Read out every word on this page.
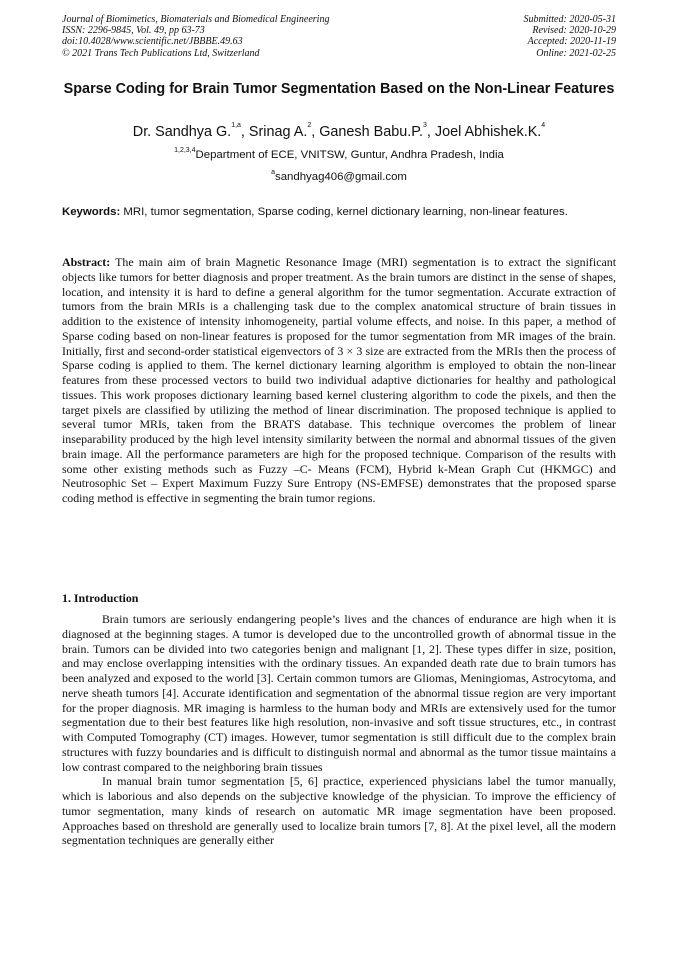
Journal of Biomimetics, Biomaterials and Biomedical Engineering
ISSN: 2296-9845, Vol. 49, pp 63-73
doi:10.4028/www.scientific.net/JBBBE.49.63
© 2021 Trans Tech Publications Ltd, Switzerland
Submitted: 2020-05-31
Revised: 2020-10-29
Accepted: 2020-11-19
Online: 2021-02-25
Sparse Coding for Brain Tumor Segmentation Based on the Non-Linear Features
Dr. Sandhya G.$^{1,a}$, Srinag A.$^2$, Ganesh Babu.P.$^3$, Joel Abhishek.K.$^4$
$^{1,2,3,4}$Department of ECE, VNITSW, Guntur, Andhra Pradesh, India
$^a$sandhyag406@gmail.com
Keywords: MRI, tumor segmentation, Sparse coding, kernel dictionary learning, non-linear features.
Abstract: The main aim of brain Magnetic Resonance Image (MRI) segmentation is to extract the significant objects like tumors for better diagnosis and proper treatment. As the brain tumors are distinct in the sense of shapes, location, and intensity it is hard to define a general algorithm for the tumor segmentation. Accurate extraction of tumors from the brain MRIs is a challenging task due to the complex anatomical structure of brain tissues in addition to the existence of intensity inhomogeneity, partial volume effects, and noise. In this paper, a method of Sparse coding based on non-linear features is proposed for the tumor segmentation from MR images of the brain. Initially, first and second-order statistical eigenvectors of 3 × 3 size are extracted from the MRIs then the process of Sparse coding is applied to them. The kernel dictionary learning algorithm is employed to obtain the non-linear features from these processed vectors to build two individual adaptive dictionaries for healthy and pathological tissues. This work proposes dictionary learning based kernel clustering algorithm to code the pixels, and then the target pixels are classified by utilizing the method of linear discrimination. The proposed technique is applied to several tumor MRIs, taken from the BRATS database. This technique overcomes the problem of linear inseparability produced by the high level intensity similarity between the normal and abnormal tissues of the given brain image. All the performance parameters are high for the proposed technique. Comparison of the results with some other existing methods such as Fuzzy –C- Means (FCM), Hybrid k-Mean Graph Cut (HKMGC) and Neutrosophic Set – Expert Maximum Fuzzy Sure Entropy (NS-EMFSE) demonstrates that the proposed sparse coding method is effective in segmenting the brain tumor regions.
1. Introduction

Brain tumors are seriously endangering people’s lives and the chances of endurance are high when it is diagnosed at the beginning stages. A tumor is developed due to the uncontrolled growth of abnormal tissue in the brain. Tumors can be divided into two categories benign and malignant [1, 2]. These types differ in size, position, and may enclose overlapping intensities with the ordinary tissues. An expanded death rate due to brain tumors has been analyzed and exposed to the world [3]. Certain common tumors are Gliomas, Meningiomas, Astrocytoma, and nerve sheath tumors [4]. Accurate identification and segmentation of the abnormal tissue region are very important for the proper diagnosis. MR imaging is harmless to the human body and MRIs are extensively used for the tumor segmentation due to their best features like high resolution, non-invasive and soft tissue structures, etc., in contrast with Computed Tomography (CT) images. However, tumor segmentation is still difficult due to the complex brain structures with fuzzy boundaries and is difficult to distinguish normal and abnormal as the tumor tissue maintains a low contrast compared to the neighboring brain tissues

In manual brain tumor segmentation [5, 6] practice, experienced physicians label the tumor manually, which is laborious and also depends on the subjective knowledge of the physician. To improve the efficiency of tumor segmentation, many kinds of research on automatic MR image segmentation have been proposed. Approaches based on threshold are generally used to localize brain tumors [7, 8]. At the pixel level, all the modern segmentation techniques are generally either
